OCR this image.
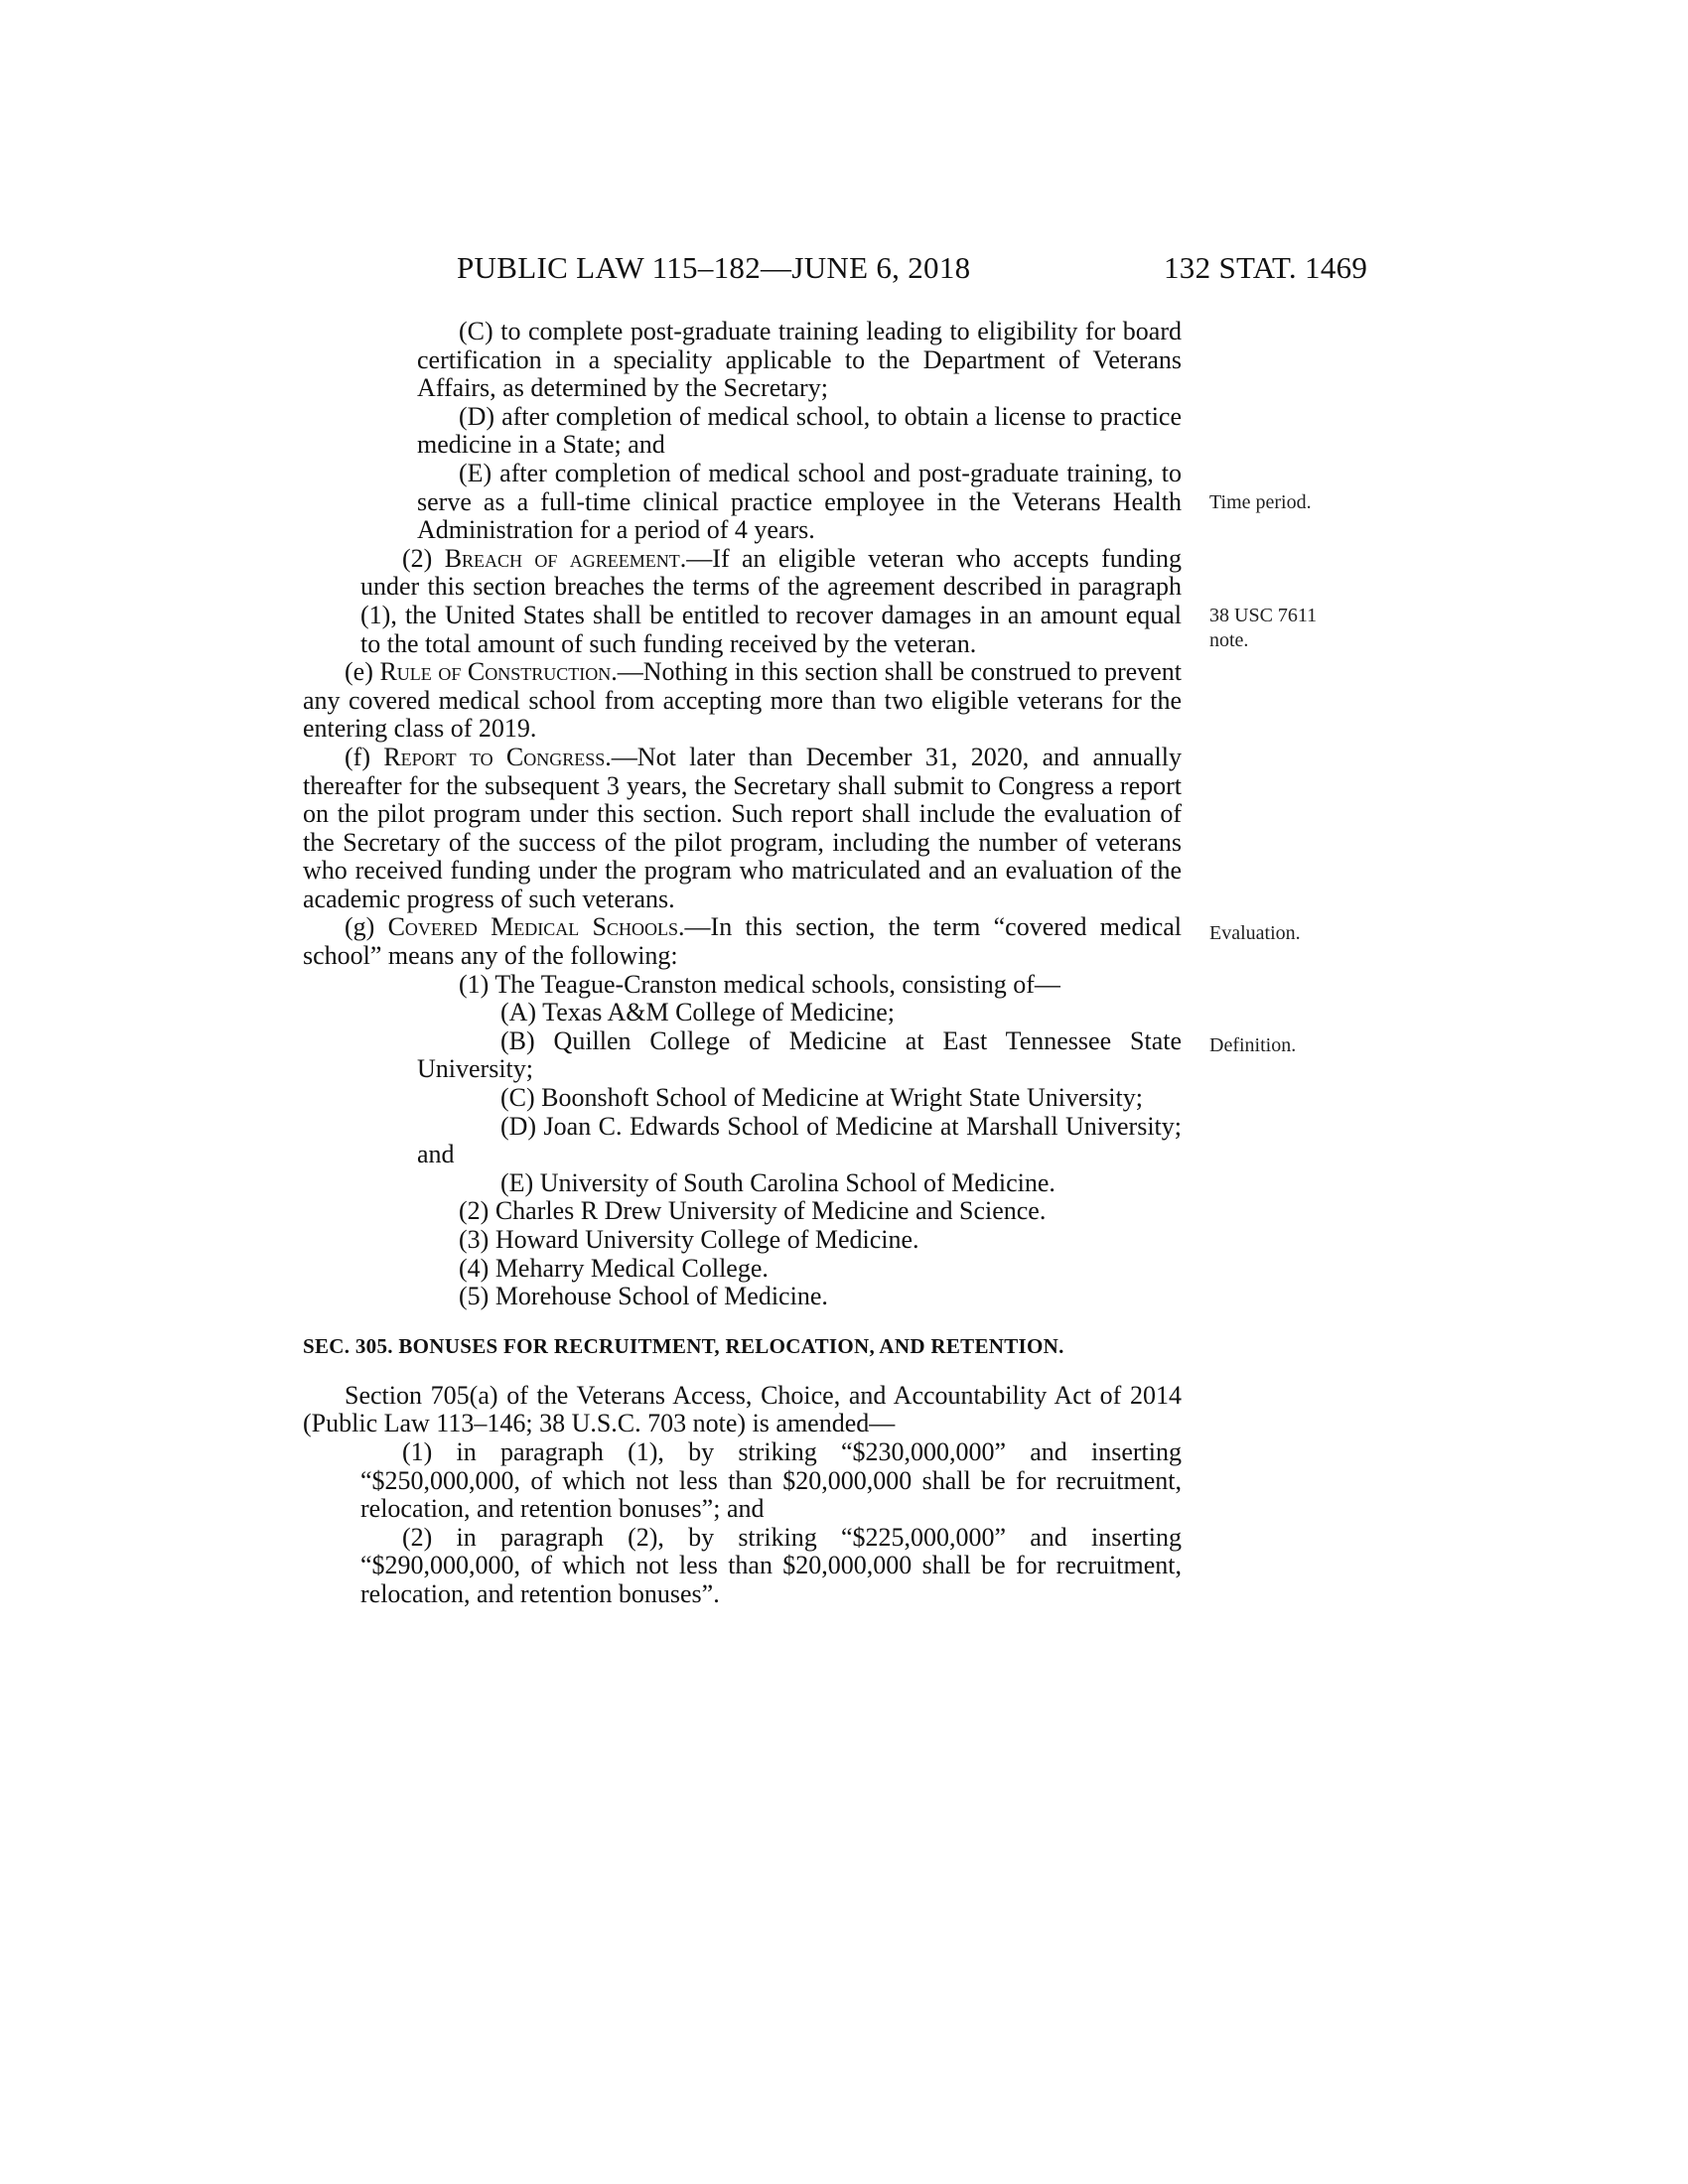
PUBLIC LAW 115–182—JUNE 6, 2018	132 STAT. 1469
Time period.
38 USC 7611
note.
Evaluation.
Definition.

(C) to complete post-graduate training leading to eligibility for board certification in a speciality applicable to the Department of Veterans Affairs, as determined by the Secretary;

(D) after completion of medical school, to obtain a license to practice medicine in a State; and

(E) after completion of medical school and post-graduate training, to serve as a full-time clinical practice employee in the Veterans Health Administration for a period of 4 years.

(2) Breach of agreement.—If an eligible veteran who accepts funding under this section breaches the terms of the agreement described in paragraph (1), the United States shall be entitled to recover damages in an amount equal to the total amount of such funding received by the veteran.

(e) Rule of Construction.—Nothing in this section shall be construed to prevent any covered medical school from accepting more than two eligible veterans for the entering class of 2019.

(f) Report to Congress.—Not later than December 31, 2020, and annually thereafter for the subsequent 3 years, the Secretary shall submit to Congress a report on the pilot program under this section. Such report shall include the evaluation of the Secretary of the success of the pilot program, including the number of veterans who received funding under the program who matriculated and an evaluation of the academic progress of such veterans.

(g) Covered Medical Schools.—In this section, the term “covered medical school” means any of the following:

(1) The Teague-Cranston medical schools, consisting of—

(A) Texas A&M College of Medicine;

(B) Quillen College of Medicine at East Tennessee State University;

(C) Boonshoft School of Medicine at Wright State University;

(D) Joan C. Edwards School of Medicine at Marshall University; and

(E) University of South Carolina School of Medicine.

(2) Charles R Drew University of Medicine and Science.

(3) Howard University College of Medicine.

(4) Meharry Medical College.

(5) Morehouse School of Medicine.

SEC. 305. BONUSES FOR RECRUITMENT, RELOCATION, AND RETENTION.

Section 705(a) of the Veterans Access, Choice, and Accountability Act of 2014 (Public Law 113–146; 38 U.S.C. 703 note) is amended—

(1) in paragraph (1), by striking “$230,000,000” and inserting “$250,000,000, of which not less than $20,000,000 shall be for recruitment, relocation, and retention bonuses”; and

(2) in paragraph (2), by striking “$225,000,000” and inserting “$290,000,000, of which not less than $20,000,000 shall be for recruitment, relocation, and retention bonuses”.
